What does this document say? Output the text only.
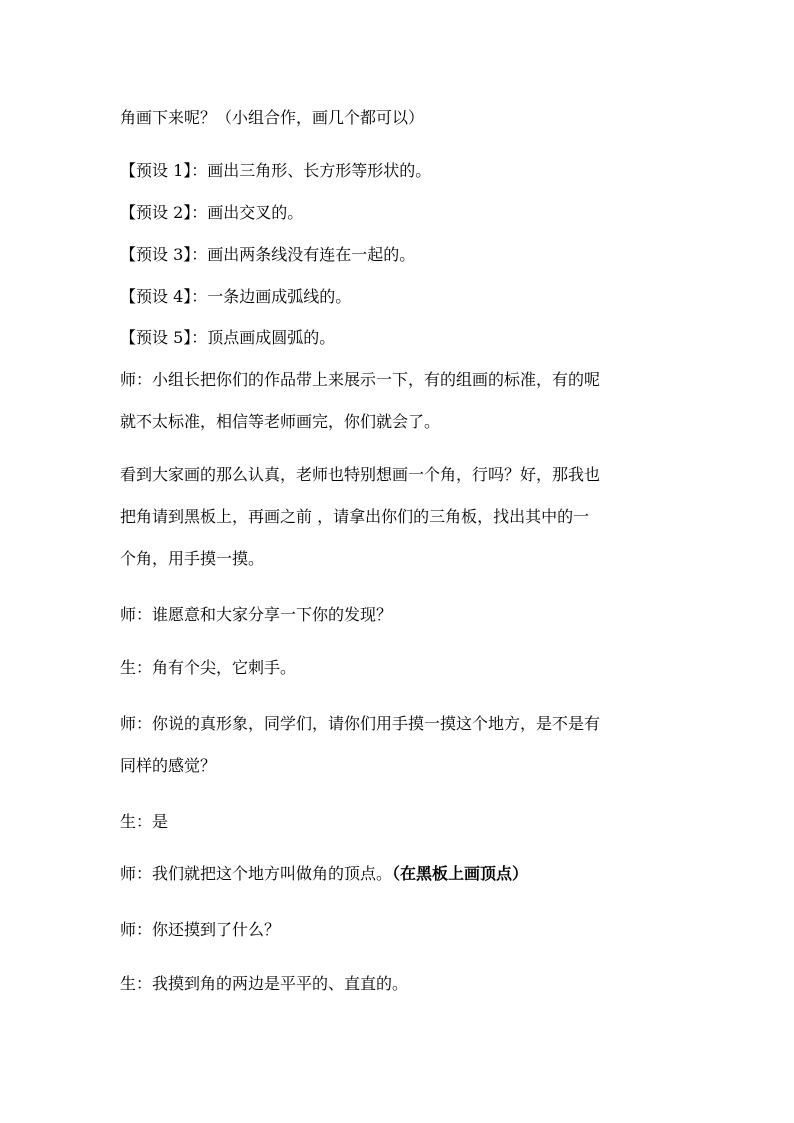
角画下来呢？（小组合作，画几个都可以）
【预设 1】：画出三角形、长方形等形状的。
【预设 2】：画出交叉的。
【预设 3】：画出两条线没有连在一起的。
【预设 4】：一条边画成弧线的。
【预设 5】：顶点画成圆弧的。
师：小组长把你们的作品带上来展示一下，有的组画的标准，有的呢
就不太标准，相信等老师画完，你们就会了。
看到大家画的那么认真，老师也特别想画一个角，行吗？好，那我也
把角请到黑板上，再画之前 ，请拿出你们的三角板，找出其中的一
个角，用手摸一摸。
师：谁愿意和大家分享一下你的发现？
生：角有个尖，它刺手。
师：你说的真形象，同学们，请你们用手摸一摸这个地方，是不是有
同样的感觉？
生：是
师：我们就把这个地方叫做角的顶点。（在黑板上画顶点）
师：你还摸到了什么？
生：我摸到角的两边是平平的、直直的。
